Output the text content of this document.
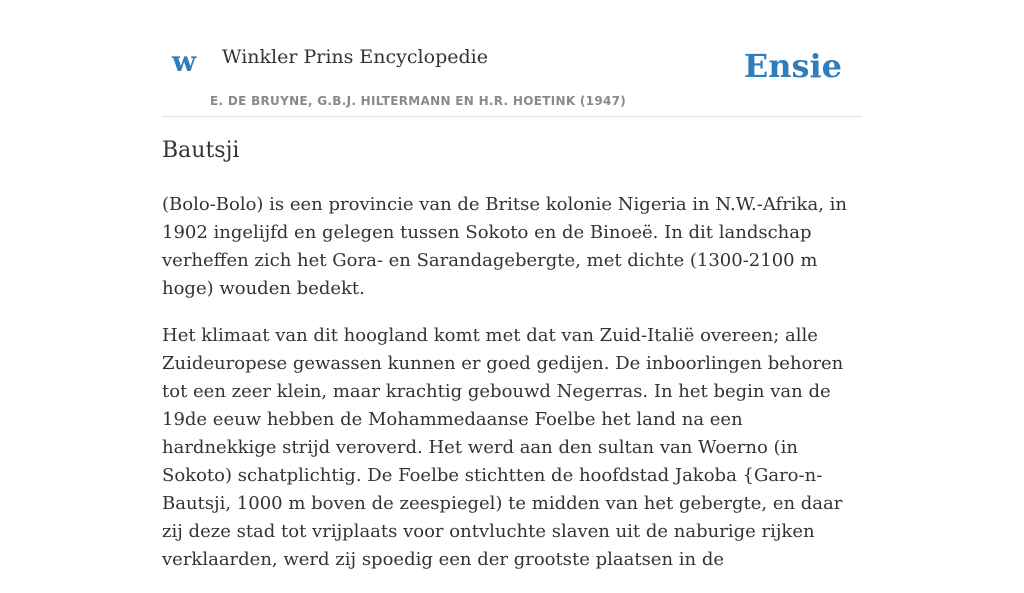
w Winkler Prins Encyclopedie
E. DE BRUYNE, G.B.J. HILTERMANN EN H.R. HOETINK (1947)
Ensie
Bautsji

(Bolo-Bolo) is een provincie van de Britse kolonie Nigeria in N.W.-Afrika, in 1902 ingelijfd en gelegen tussen Sokoto en de Binoeë. In dit landschap verheffen zich het Gora- en Sarandagebergte, met dichte (1300-2100 m hoge) wouden bedekt.

Het klimaat van dit hoogland komt met dat van Zuid-Italië overeen; alle Zuideuropese gewassen kunnen er goed gedijen. De inboorlingen behoren tot een zeer klein, maar krachtig gebouwd Negerras. In het begin van de 19de eeuw hebben de Mohammedaanse Foelbe het land na een hardnekkige strijd veroverd. Het werd aan den sultan van Woerno (in Sokoto) schatplichtig. De Foelbe stichtten de hoofdstad Jakoba {Garo-n-Bautsji, 1000 m boven de zeespiegel) te midden van het gebergte, en daar zij deze stad tot vrijplaats voor ontvluchte slaven uit de naburige rijken verklaarden, werd zij spoedig een der grootste plaatsen in de
